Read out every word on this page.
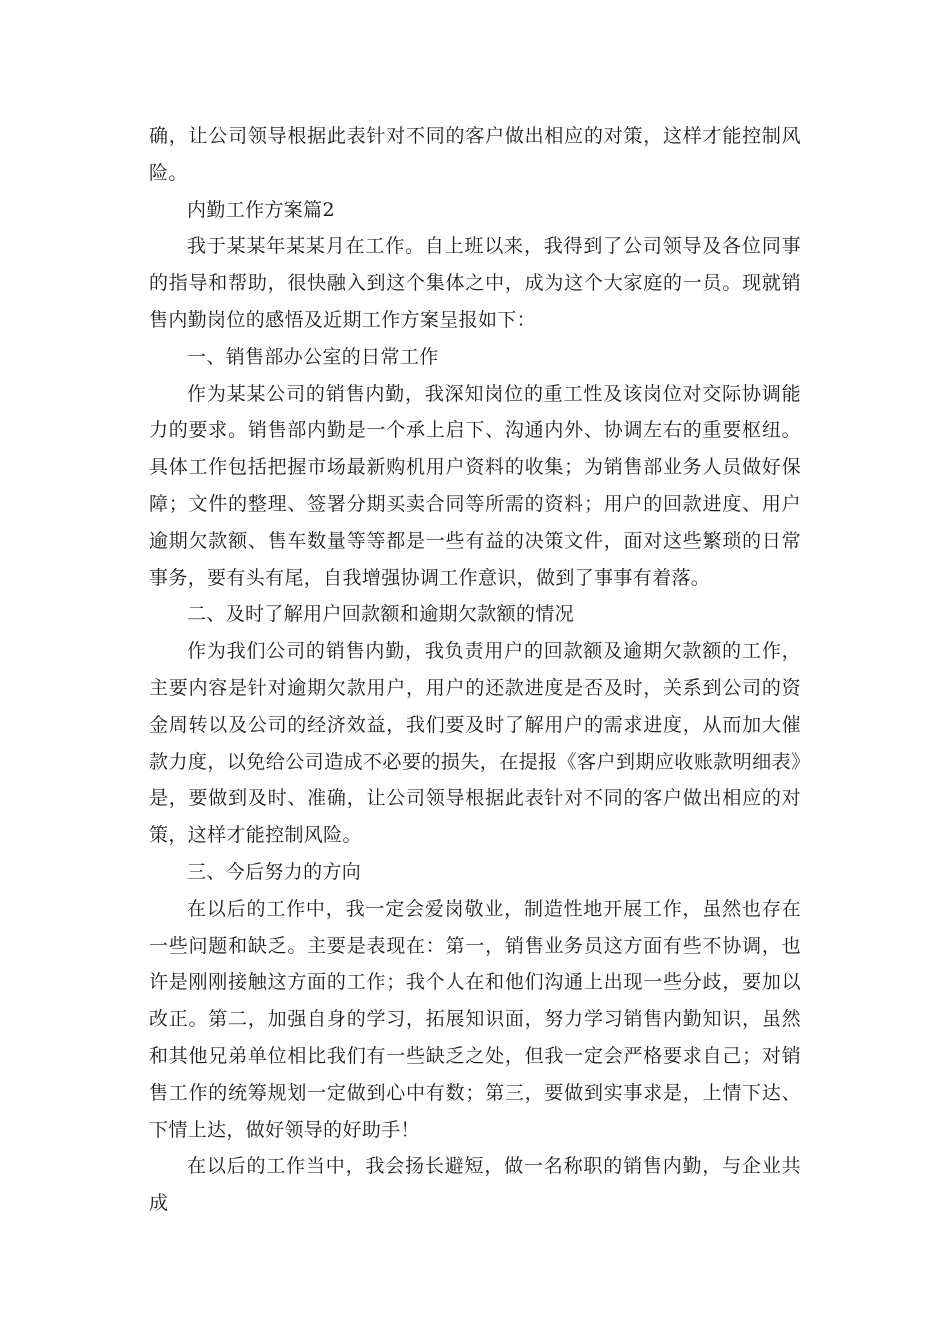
确，让公司领导根据此表针对不同的客户做出相应的对策，这样才能控制风险。

内勤工作方案篇2

我于某某年某某月在工作。自上班以来，我得到了公司领导及各位同事的指导和帮助，很快融入到这个集体之中，成为这个大家庭的一员。现就销售内勤岗位的感悟及近期工作方案呈报如下：

一、销售部办公室的日常工作

作为某某公司的销售内勤，我深知岗位的重工性及该岗位对交际协调能力的要求。销售部内勤是一个承上启下、沟通内外、协调左右的重要枢纽。具体工作包括把握市场最新购机用户资料的收集；为销售部业务人员做好保障；文件的整理、签署分期买卖合同等所需的资料；用户的回款进度、用户逾期欠款额、售车数量等等都是一些有益的决策文件，面对这些繁琐的日常事务，要有头有尾，自我增强协调工作意识，做到了事事有着落。

二、及时了解用户回款额和逾期欠款额的情况

作为我们公司的销售内勤，我负责用户的回款额及逾期欠款额的工作，主要内容是针对逾期欠款用户，用户的还款进度是否及时，关系到公司的资金周转以及公司的经济效益，我们要及时了解用户的需求进度，从而加大催款力度，以免给公司造成不必要的损失，在提报《客户到期应收账款明细表》是，要做到及时、准确，让公司领导根据此表针对不同的客户做出相应的对策，这样才能控制风险。

三、今后努力的方向

在以后的工作中，我一定会爱岗敬业，制造性地开展工作，虽然也存在一些问题和缺乏。主要是表现在：第一，销售业务员这方面有些不协调，也许是刚刚接触这方面的工作；我个人在和他们沟通上出现一些分歧，要加以改正。第二，加强自身的学习，拓展知识面，努力学习销售内勤知识，虽然和其他兄弟单位相比我们有一些缺乏之处，但我一定会严格要求自己；对销售工作的统筹规划一定做到心中有数；第三，要做到实事求是，上情下达、下情上达，做好领导的好助手！

在以后的工作当中，我会扬长避短，做一名称职的销售内勤，与企业共成
